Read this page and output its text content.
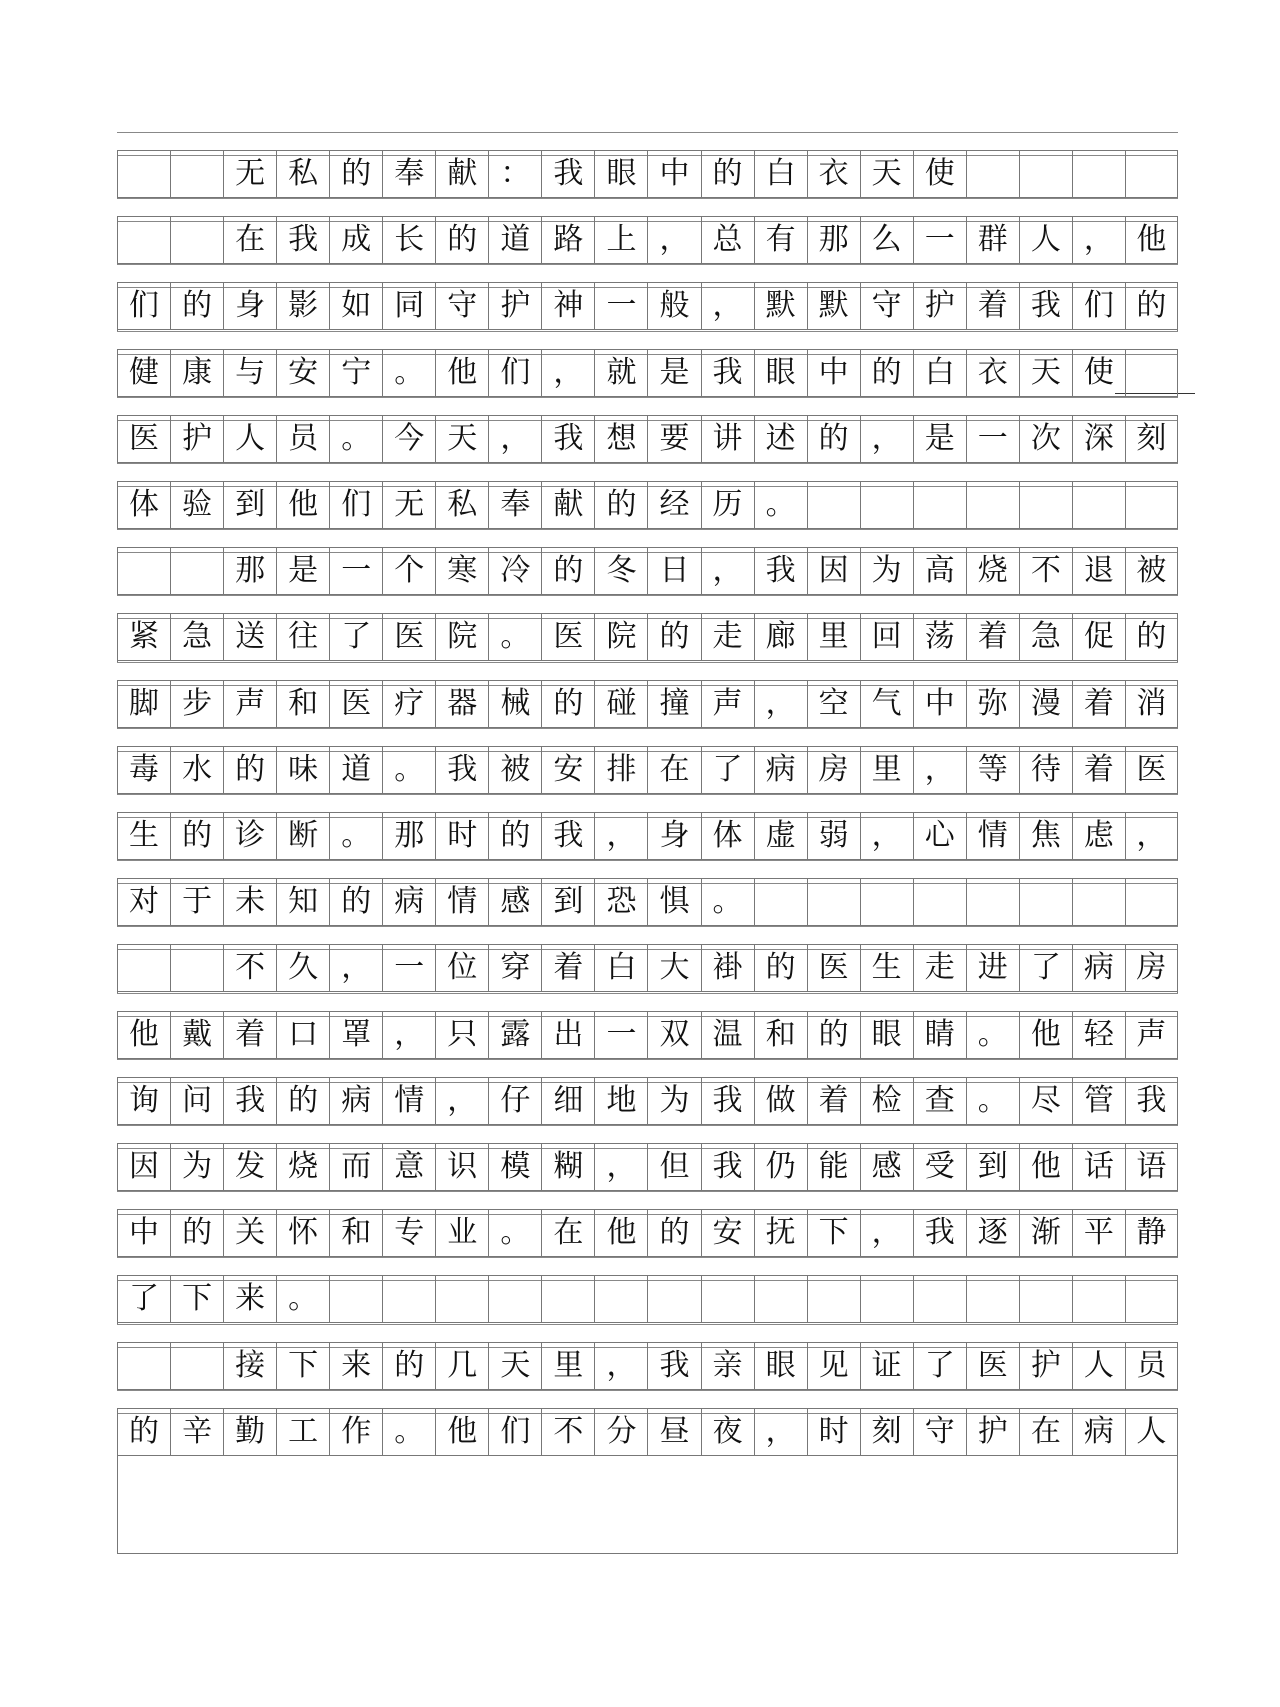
无 私 的 奉 献 ： 我 眼 中 的 白 衣 天 使
在 我 成 长 的 道 路 上 ， 总 有 那 么 一 群 人 ， 他
们 的 身 影 如 同 守 护 神 一 般 ， 默 默 守 护 着 我 们 的
健 康 与 安 宁 。 他 们 ， 就 是 我 眼 中 的 白 衣 天 使
医 护 人 员 。 今 天 ， 我 想 要 讲 述 的 ， 是 一 次 深 刻
体 验 到 他 们 无 私 奉 献 的 经 历 。
那 是 一 个 寒 冷 的 冬 日 ， 我 因 为 高 烧 不 退 被
紧 急 送 往 了 医 院 。 医 院 的 走 廊 里 回 荡 着 急 促 的
脚 步 声 和 医 疗 器 械 的 碰 撞 声 ， 空 气 中 弥 漫 着 消
毒 水 的 味 道 。 我 被 安 排 在 了 病 房 里 ， 等 待 着 医
生 的 诊 断 。 那 时 的 我 ， 身 体 虚 弱 ， 心 情 焦 虑 ，
对 于 未 知 的 病 情 感 到 恐 惧 。
不 久 ， 一 位 穿 着 白 大 褂 的 医 生 走 进 了 病 房
他 戴 着 口 罩 ， 只 露 出 一 双 温 和 的 眼 睛 。 他 轻 声
询 问 我 的 病 情 ， 仔 细 地 为 我 做 着 检 查 。 尽 管 我
因 为 发 烧 而 意 识 模 糊 ， 但 我 仍 能 感 受 到 他 话 语
中 的 关 怀 和 专 业 。 在 他 的 安 抚 下 ， 我 逐 渐 平 静
了 下 来 。
接 下 来 的 几 天 里 ， 我 亲 眼 见 证 了 医 护 人 员
的 辛 勤 工 作 。 他 们 不 分 昼 夜 ， 时 刻 守 护 在 病 人
